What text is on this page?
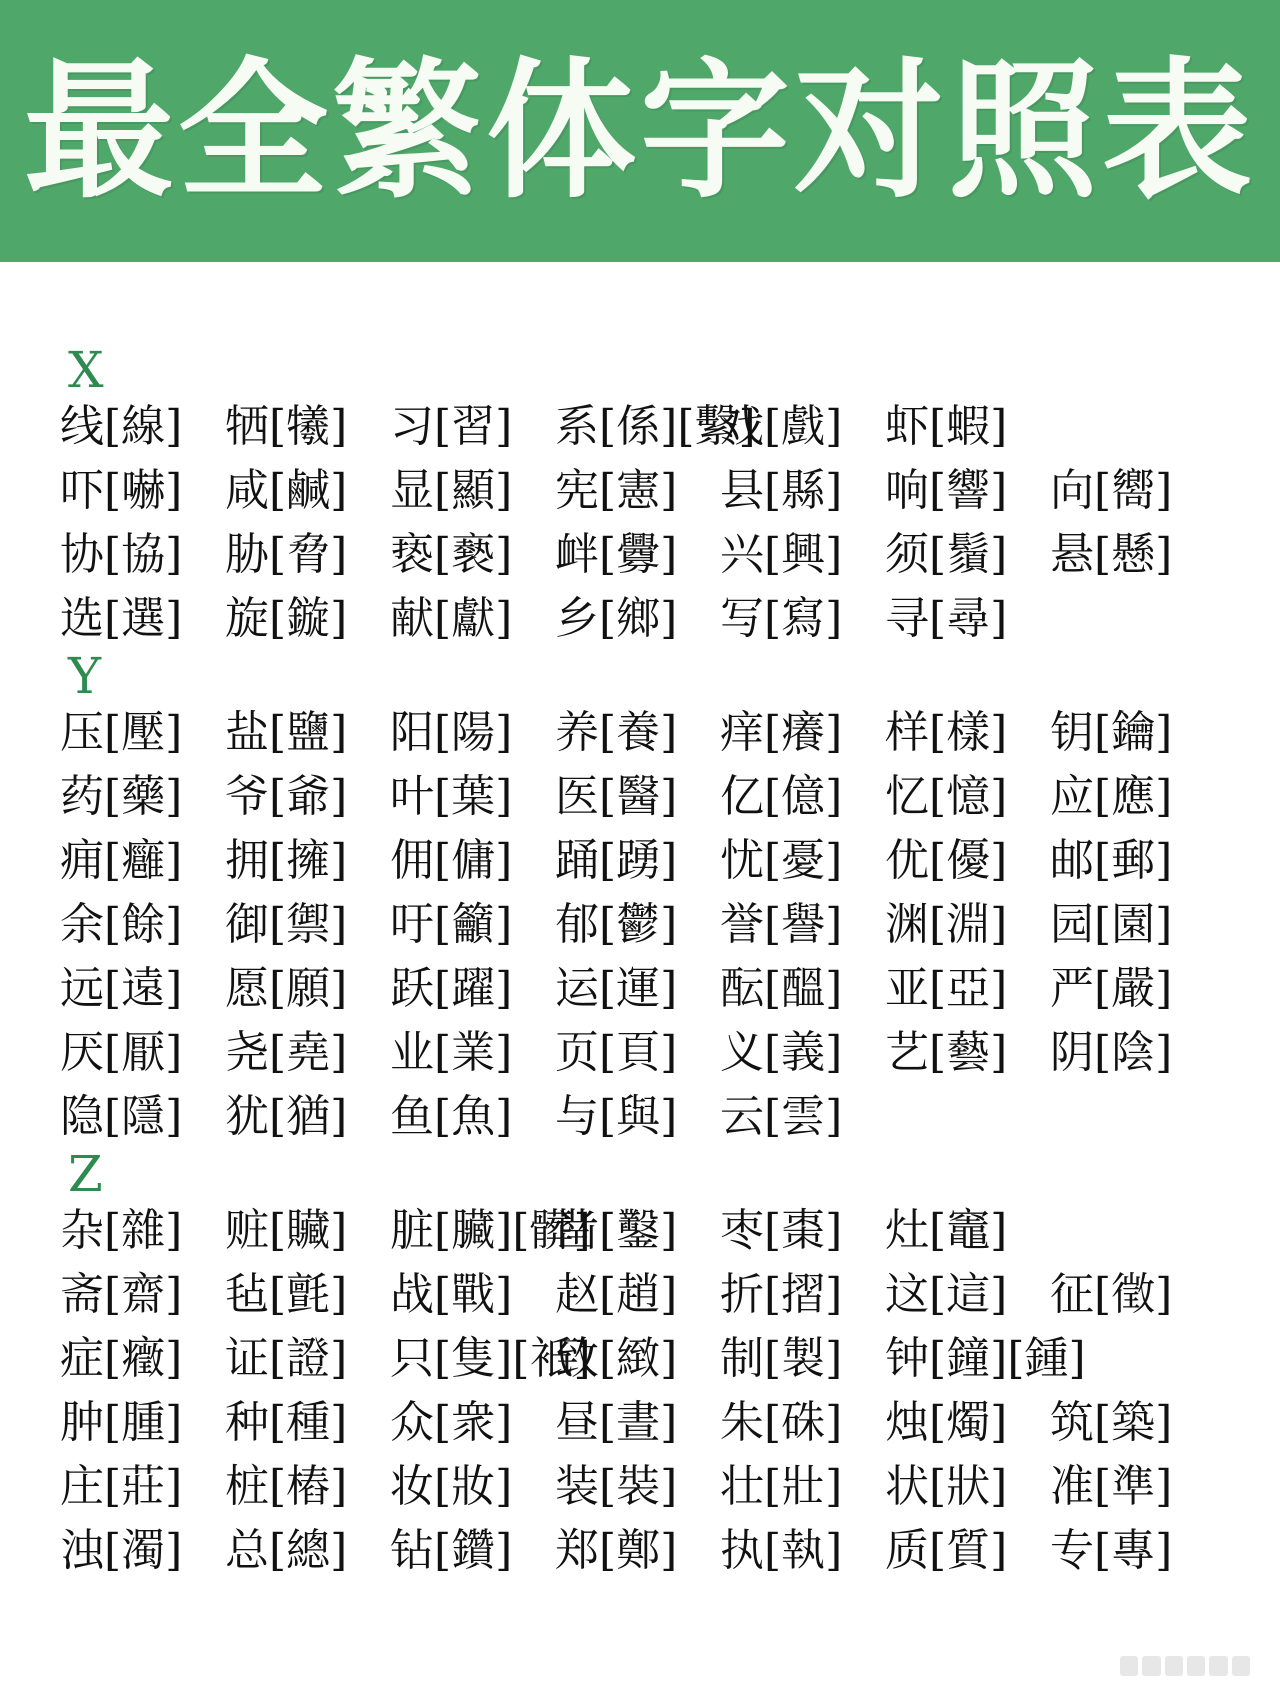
最全繁体字对照表
X
线[線] 牺[犧] 习[習] 系[係][繫]
戏[戲] 虾[蝦]
吓[嚇] 咸[鹹] 显[顯] 宪[憲] 县[縣] 响[響] 向[嚮]
协[協] 胁[脅] 亵[褻] 衅[釁] 兴[興] 须[鬚] 悬[懸]
选[選] 旋[鏇] 献[獻] 乡[鄉] 写[寫] 寻[尋]
Y
压[壓] 盐[鹽] 阳[陽] 养[養] 痒[癢] 样[樣] 钥[鑰]
药[藥] 爷[爺] 叶[葉] 医[醫] 亿[億] 忆[憶] 应[應]
痈[癰] 拥[擁] 佣[傭] 踊[踴] 忧[憂] 优[優] 邮[郵]
余[餘] 御[禦] 吁[籲] 郁[鬱] 誉[譽] 渊[淵] 园[園]
远[遠] 愿[願] 跃[躍] 运[運] 酝[醞] 亚[亞] 严[嚴]
厌[厭] 尧[堯] 业[業] 页[頁] 义[義] 艺[藝] 阴[陰]
隐[隱] 犹[猶] 鱼[魚] 与[與] 云[雲]
Z
杂[雜] 赃[贜] 脏[臟][髒]
凿[鑿] 枣[棗] 灶[竈]
斋[齋] 毡[氈] 战[戰] 赵[趙] 折[摺] 这[這] 征[徵]
症[癥] 证[證] 只[隻][衹]
致[緻] 制[製] 钟[鐘][鍾]
肿[腫] 种[種] 众[衆] 昼[晝] 朱[硃] 烛[燭] 筑[築]
庄[莊] 桩[樁] 妆[妝] 装[裝] 壮[壯] 状[狀] 准[準]
浊[濁] 总[總] 钻[鑽] 郑[鄭] 执[執] 质[質] 专[專]
